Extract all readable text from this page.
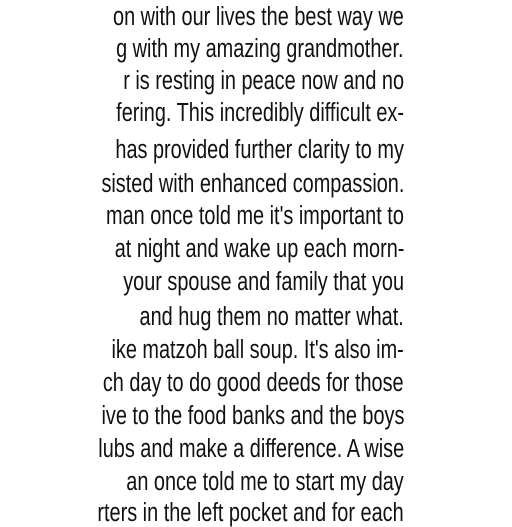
on with our lives the best way we
g with my amazing grandmother.
r is resting in peace now and no
fering. This incredibly difficult ex-
has provided further clarity to my
sisted with enhanced compassion.
man once told me it's important to
at night and wake up each morn-
your spouse and family that you
and hug them no matter what.
ike matzoh ball soup. It's also im-
ch day to do good deeds for those
ive to the food banks and the boys
lubs and make a difference. A wise
an once told me to start my day
rters in the left pocket and for each
